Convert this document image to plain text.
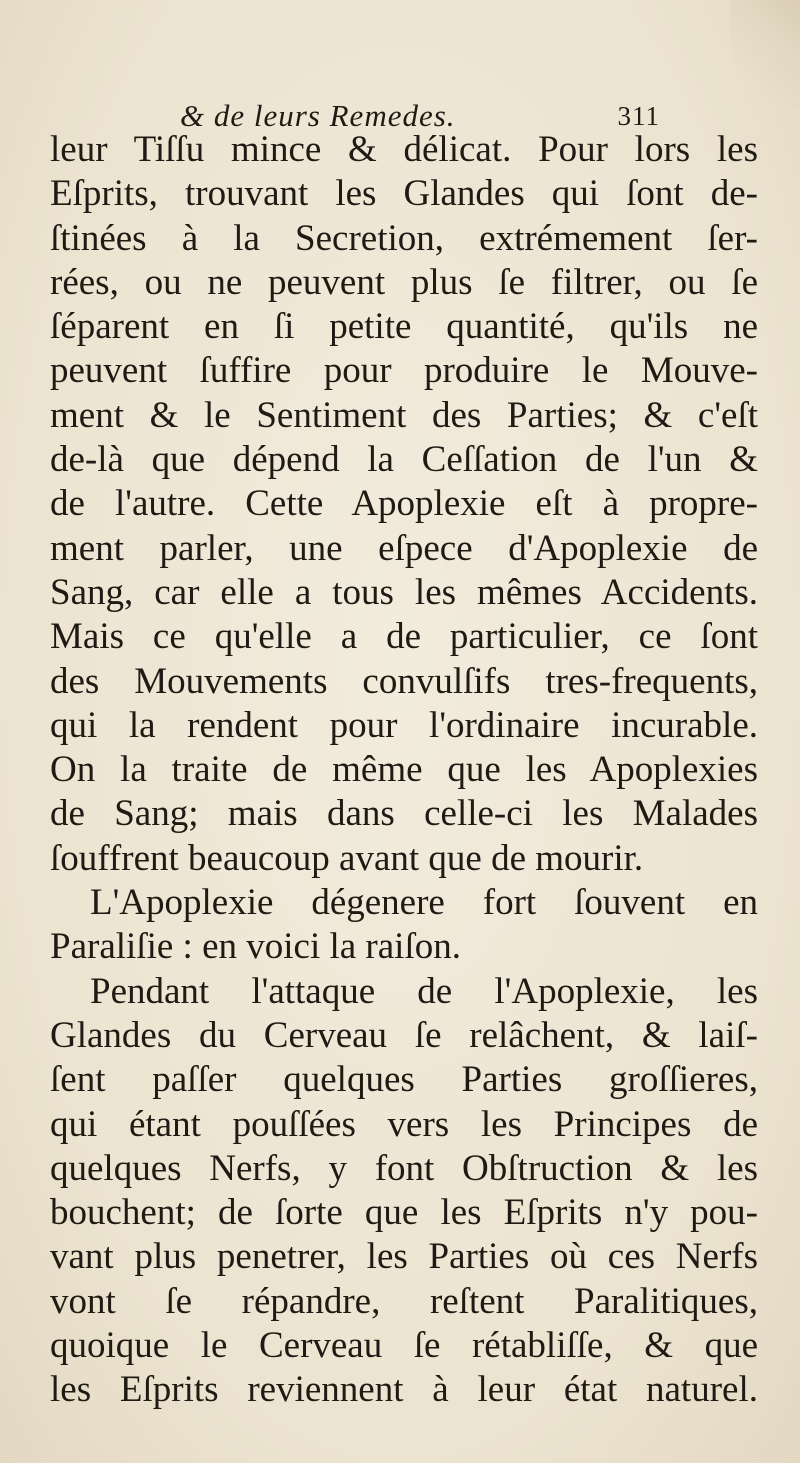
& de leurs Remedes.	311
leur Tiſſu mince & délicat. Pour lors les
Eſprits, trouvant les Glandes qui ſont de-
ſtinées à la Secretion, extrémement ſer-
rées, ou ne peuvent plus ſe filtrer, ou ſe
ſéparent en ſi petite quantité, qu'ils ne
peuvent ſuffire pour produire le Mouve-
ment & le Sentiment des Parties; & c'eſt
de-là que dépend la Ceſſation de l'un &
de l'autre. Cette Apoplexie eſt à propre-
ment parler, une eſpece d'Apoplexie de
Sang, car elle a tous les mêmes Accidents.
Mais ce qu'elle a de particulier, ce ſont
des Mouvements convulſifs tres-frequents,
qui la rendent pour l'ordinaire incurable.
On la traite de même que les Apoplexies
de Sang; mais dans celle-ci les Malades
ſouffrent beaucoup avant que de mourir.
L'Apoplexie dégenere fort ſouvent en
Paraliſie : en voici la raiſon.
Pendant l'attaque de l'Apoplexie, les
Glandes du Cerveau ſe relâchent, & laiſ-
ſent paſſer quelques Parties groſſieres,
qui étant pouſſées vers les Principes de
quelques Nerfs, y font Obſtruction & les
bouchent; de ſorte que les Eſprits n'y pou-
vant plus penetrer, les Parties où ces Nerfs
vont ſe répandre, reſtent Paralitiques,
quoique le Cerveau ſe rétabliſſe, & que
les Eſprits reviennent à leur état naturel.
